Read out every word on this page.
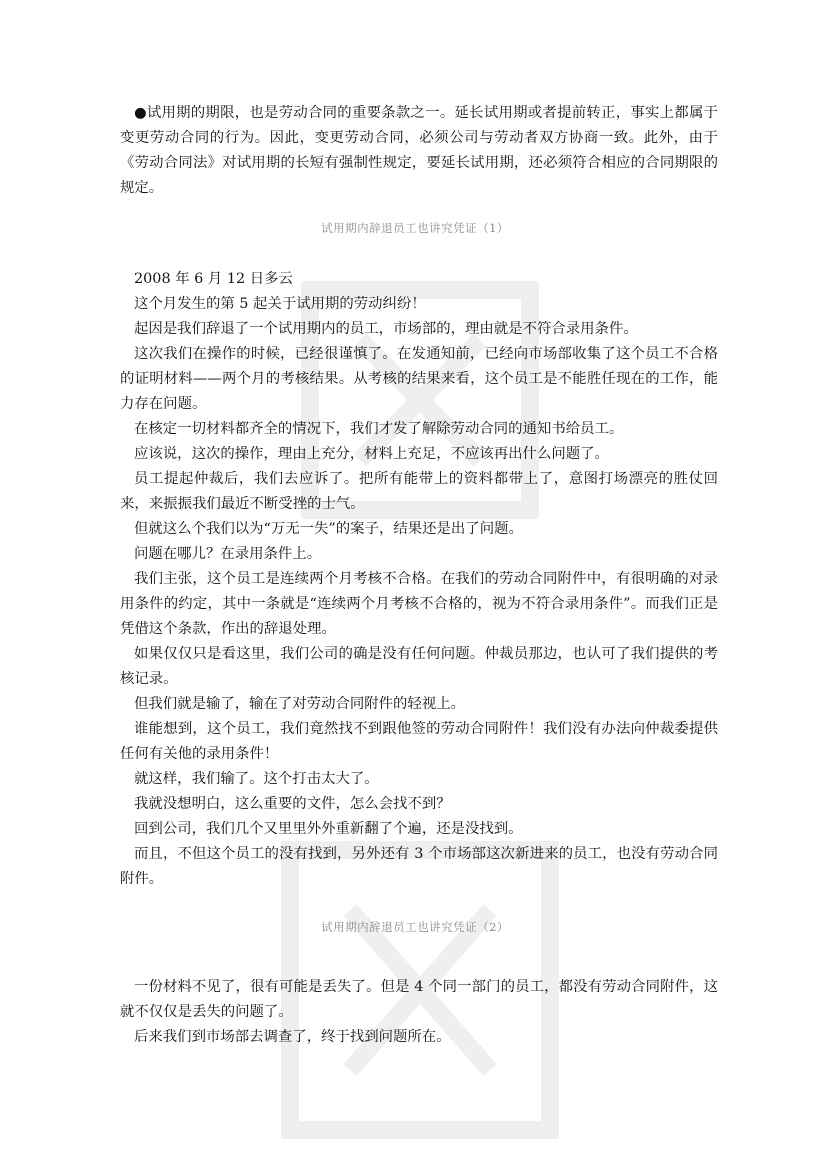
●试用期的期限，也是劳动合同的重要条款之一。延长试用期或者提前转正，事实上都属于变更劳动合同的行为。因此，变更劳动合同，必须公司与劳动者双方协商一致。此外，由于《劳动合同法》对试用期的长短有强制性规定，要延长试用期，还必须符合相应的合同期限的规定。

试用期内辞退员工也讲究凭证（1）

2008 年 6 月 12 日多云

这个月发生的第 5 起关于试用期的劳动纠纷！

起因是我们辞退了一个试用期内的员工，市场部的，理由就是不符合录用条件。

这次我们在操作的时候，已经很谨慎了。在发通知前，已经向市场部收集了这个员工不合格的证明材料——两个月的考核结果。从考核的结果来看，这个员工是不能胜任现在的工作，能力存在问题。

在核定一切材料都齐全的情况下，我们才发了解除劳动合同的通知书给员工。

应该说，这次的操作，理由上充分，材料上充足，不应该再出什么问题了。

员工提起仲裁后，我们去应诉了。把所有能带上的资料都带上了，意图打场漂亮的胜仗回来，来振振我们最近不断受挫的士气。

但就这么个我们以为“万无一失”的案子，结果还是出了问题。

问题在哪儿？在录用条件上。

我们主张，这个员工是连续两个月考核不合格。在我们的劳动合同附件中，有很明确的对录用条件的约定，其中一条就是“连续两个月考核不合格的，视为不符合录用条件”。而我们正是凭借这个条款，作出的辞退处理。

如果仅仅只是看这里，我们公司的确是没有任何问题。仲裁员那边，也认可了我们提供的考核记录。

但我们就是输了，输在了对劳动合同附件的轻视上。

谁能想到，这个员工，我们竟然找不到跟他签的劳动合同附件！我们没有办法向仲裁委提供任何有关他的录用条件！

就这样，我们输了。这个打击太大了。

我就没想明白，这么重要的文件，怎么会找不到？

回到公司，我们几个又里里外外重新翻了个遍，还是没找到。

而且，不但这个员工的没有找到，另外还有 3 个市场部这次新进来的员工，也没有劳动合同附件。

试用期内辞退员工也讲究凭证（2）

一份材料不见了，很有可能是丢失了。但是 4 个同一部门的员工，都没有劳动合同附件，这就不仅仅是丢失的问题了。

后来我们到市场部去调查了，终于找到问题所在。
